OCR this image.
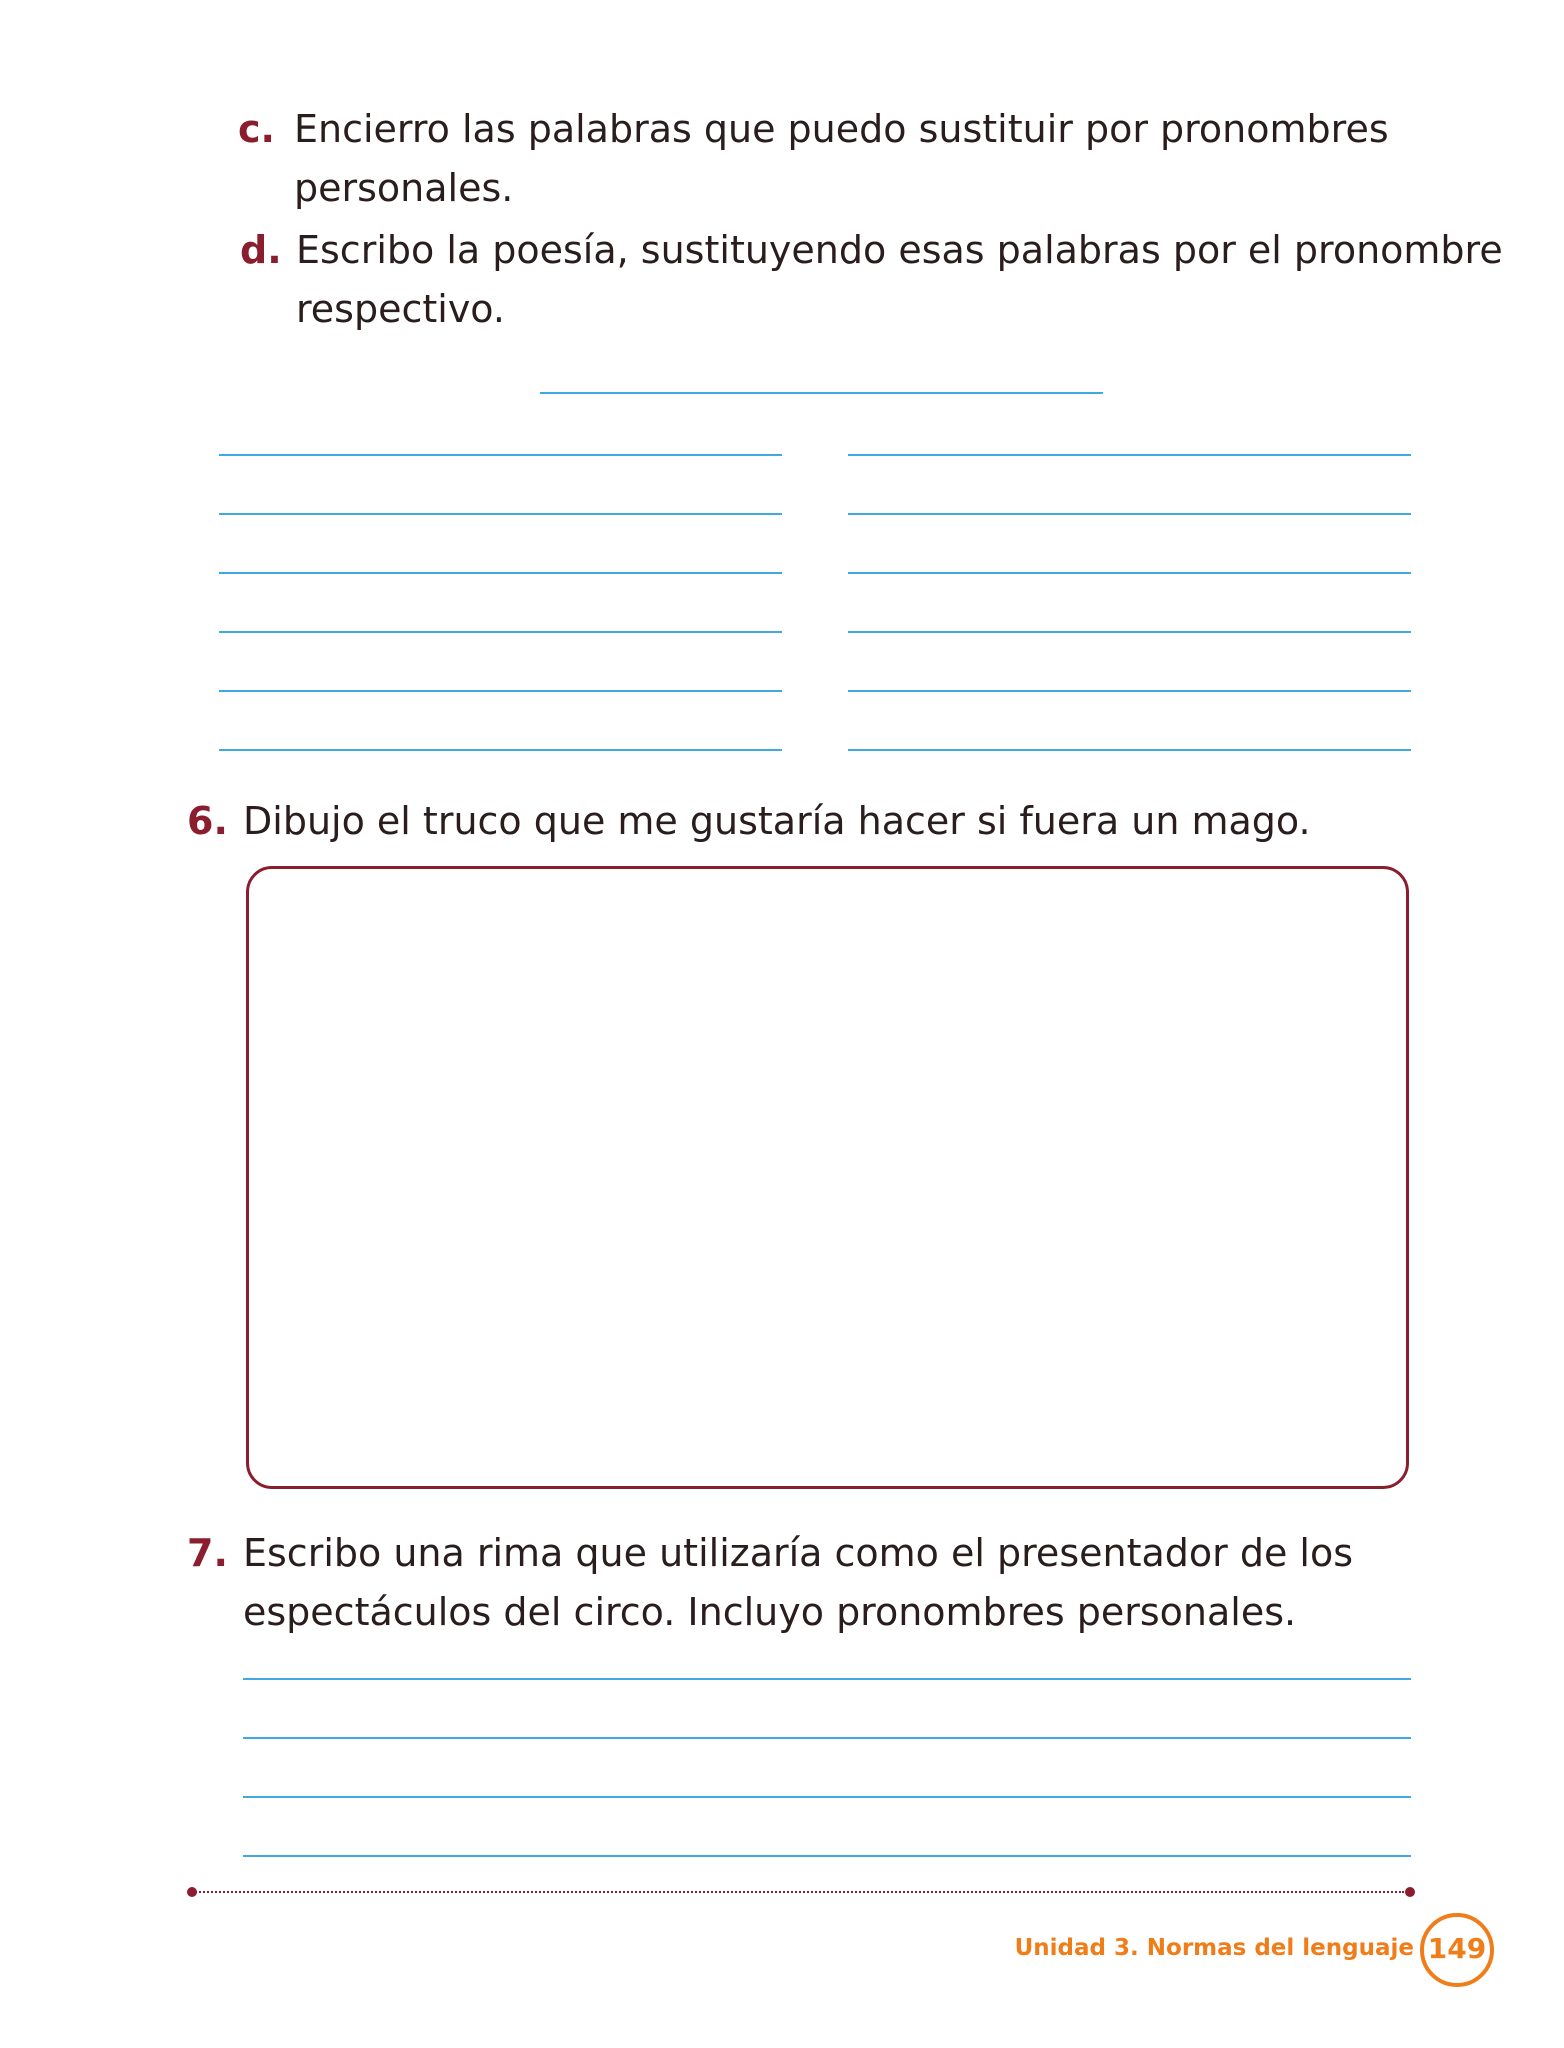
c. Encierro las palabras que puedo sustituir por pronombres
personales.
d. Escribo la poesía, sustituyendo esas palabras por el pronombre
respectivo.
6. Dibujo el truco que me gustaría hacer si fuera un mago.
7. Escribo una rima que utilizaría como el presentador de los
espectáculos del circo. Incluyo pronombres personales.
Unidad 3. Normas del lenguaje 149
